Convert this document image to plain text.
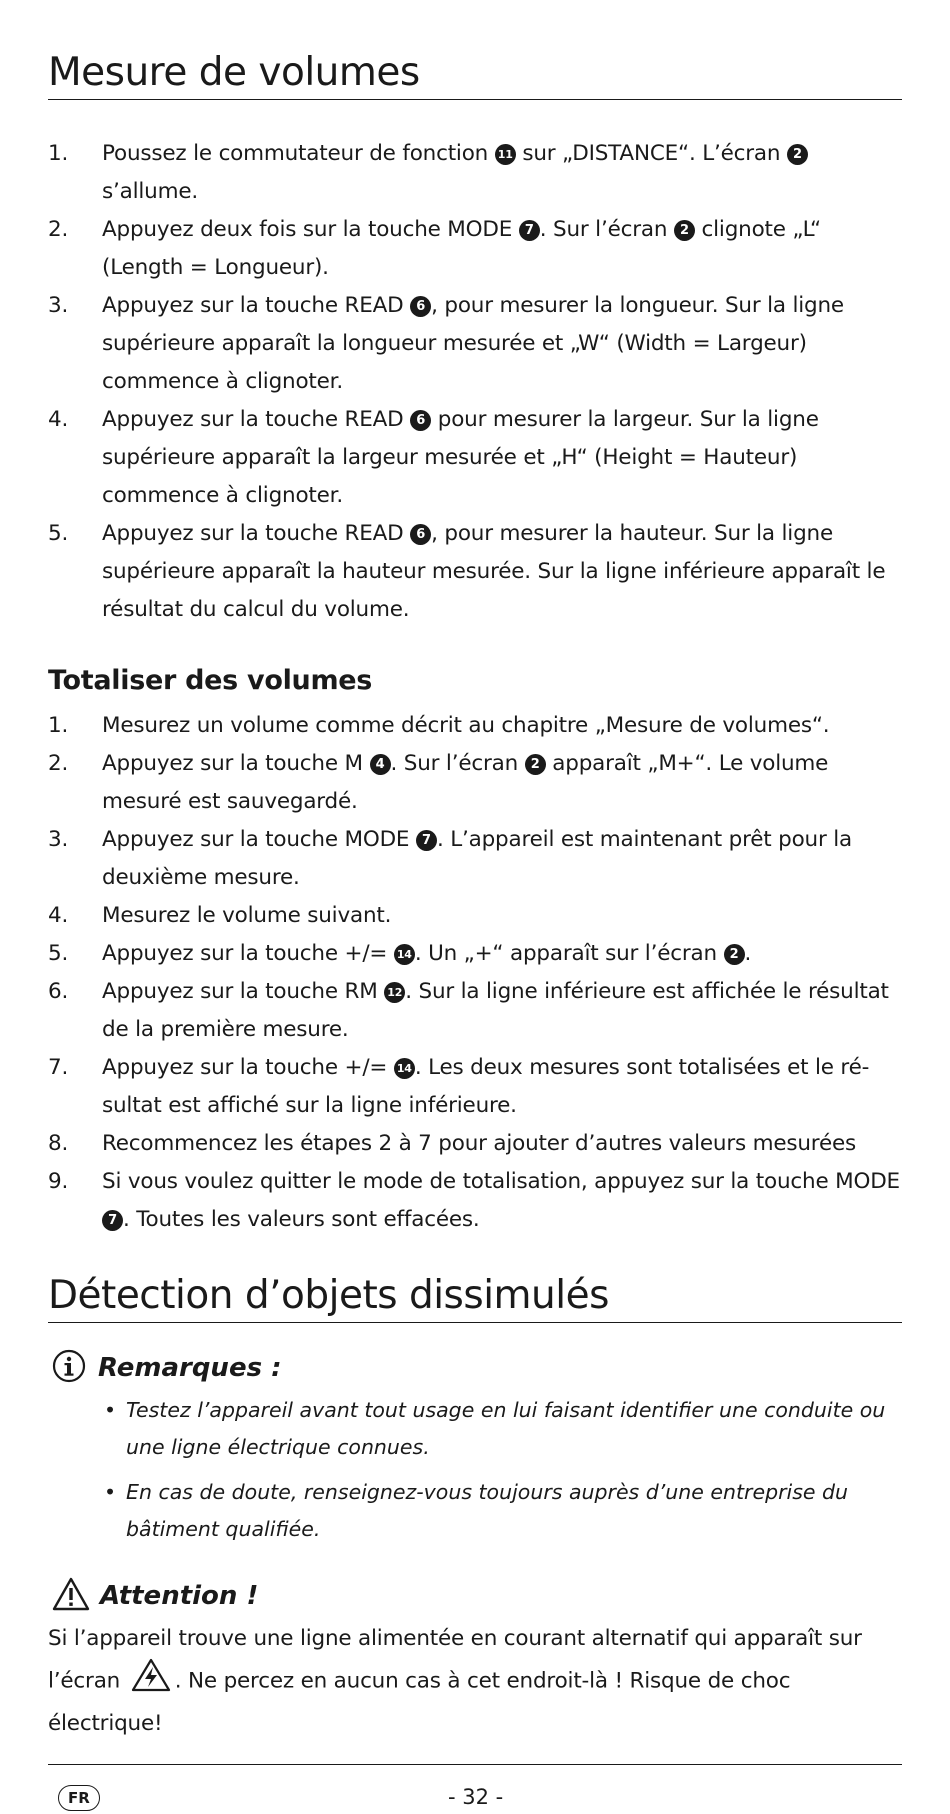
Mesure de volumes
1. Poussez le commutateur de fonction 11 sur „DISTANCE“. L’écran 2 s’allume.
2. Appuyez deux fois sur la touche MODE 7 . Sur l’écran 2 clignote „L“ (Length = Longueur).
3. Appuyez sur la touche READ 6 , pour mesurer la longueur. Sur la ligne supérieure apparaît la longueur mesurée et „W“ (Width = Largeur) commence à clignoter.
4. Appuyez sur la touche READ 6 pour mesurer la largeur. Sur la ligne supérieure apparaît la largeur mesurée et „H“ (Height = Hauteur) commence à clignoter.
5. Appuyez sur la touche READ 6 , pour mesurer la hauteur. Sur la ligne supérieure apparaît la hauteur mesurée. Sur la ligne inférieure apparaît le résultat du calcul du volume.
Totaliser des volumes
1. Mesurez un volume comme décrit au chapitre „Mesure de volumes“.
2. Appuyez sur la touche M 4 . Sur l’écran 2 apparaît „M+“. Le volume mesuré est sauvegardé.
3. Appuyez sur la touche MODE 7 . L’appareil est maintenant prêt pour la deuxième mesure.
4. Mesurez le volume suivant.
5. Appuyez sur la touche +/= 14 . Un „+“ apparaît sur l’écran 2 .
6. Appuyez sur la touche RM 12 . Sur la ligne inférieure est affichée le résultat de la première mesure.
7. Appuyez sur la touche +/= 14 . Les deux mesures sont totalisées et le résultat est affiché sur la ligne inférieure.
8. Recommencez les étapes 2 à 7 pour ajouter d’autres valeurs mesurées
9. Si vous voulez quitter le mode de totalisation, appuyez sur la touche MODE 7 . Toutes les valeurs sont effacées.
Détection d’objets dissimulés
Remarques :
• Testez l’appareil avant tout usage en lui faisant identifier une conduite ou une ligne électrique connues.
• En cas de doute, renseignez-vous toujours auprès d’une entreprise du bâtiment qualifiée.
Attention !
Si l’appareil trouve une ligne alimentée en courant alternatif qui apparaît sur l’écran	. Ne percez en aucun cas à cet endroit-là ! Risque de choc électrique!
FR	- 32 -
